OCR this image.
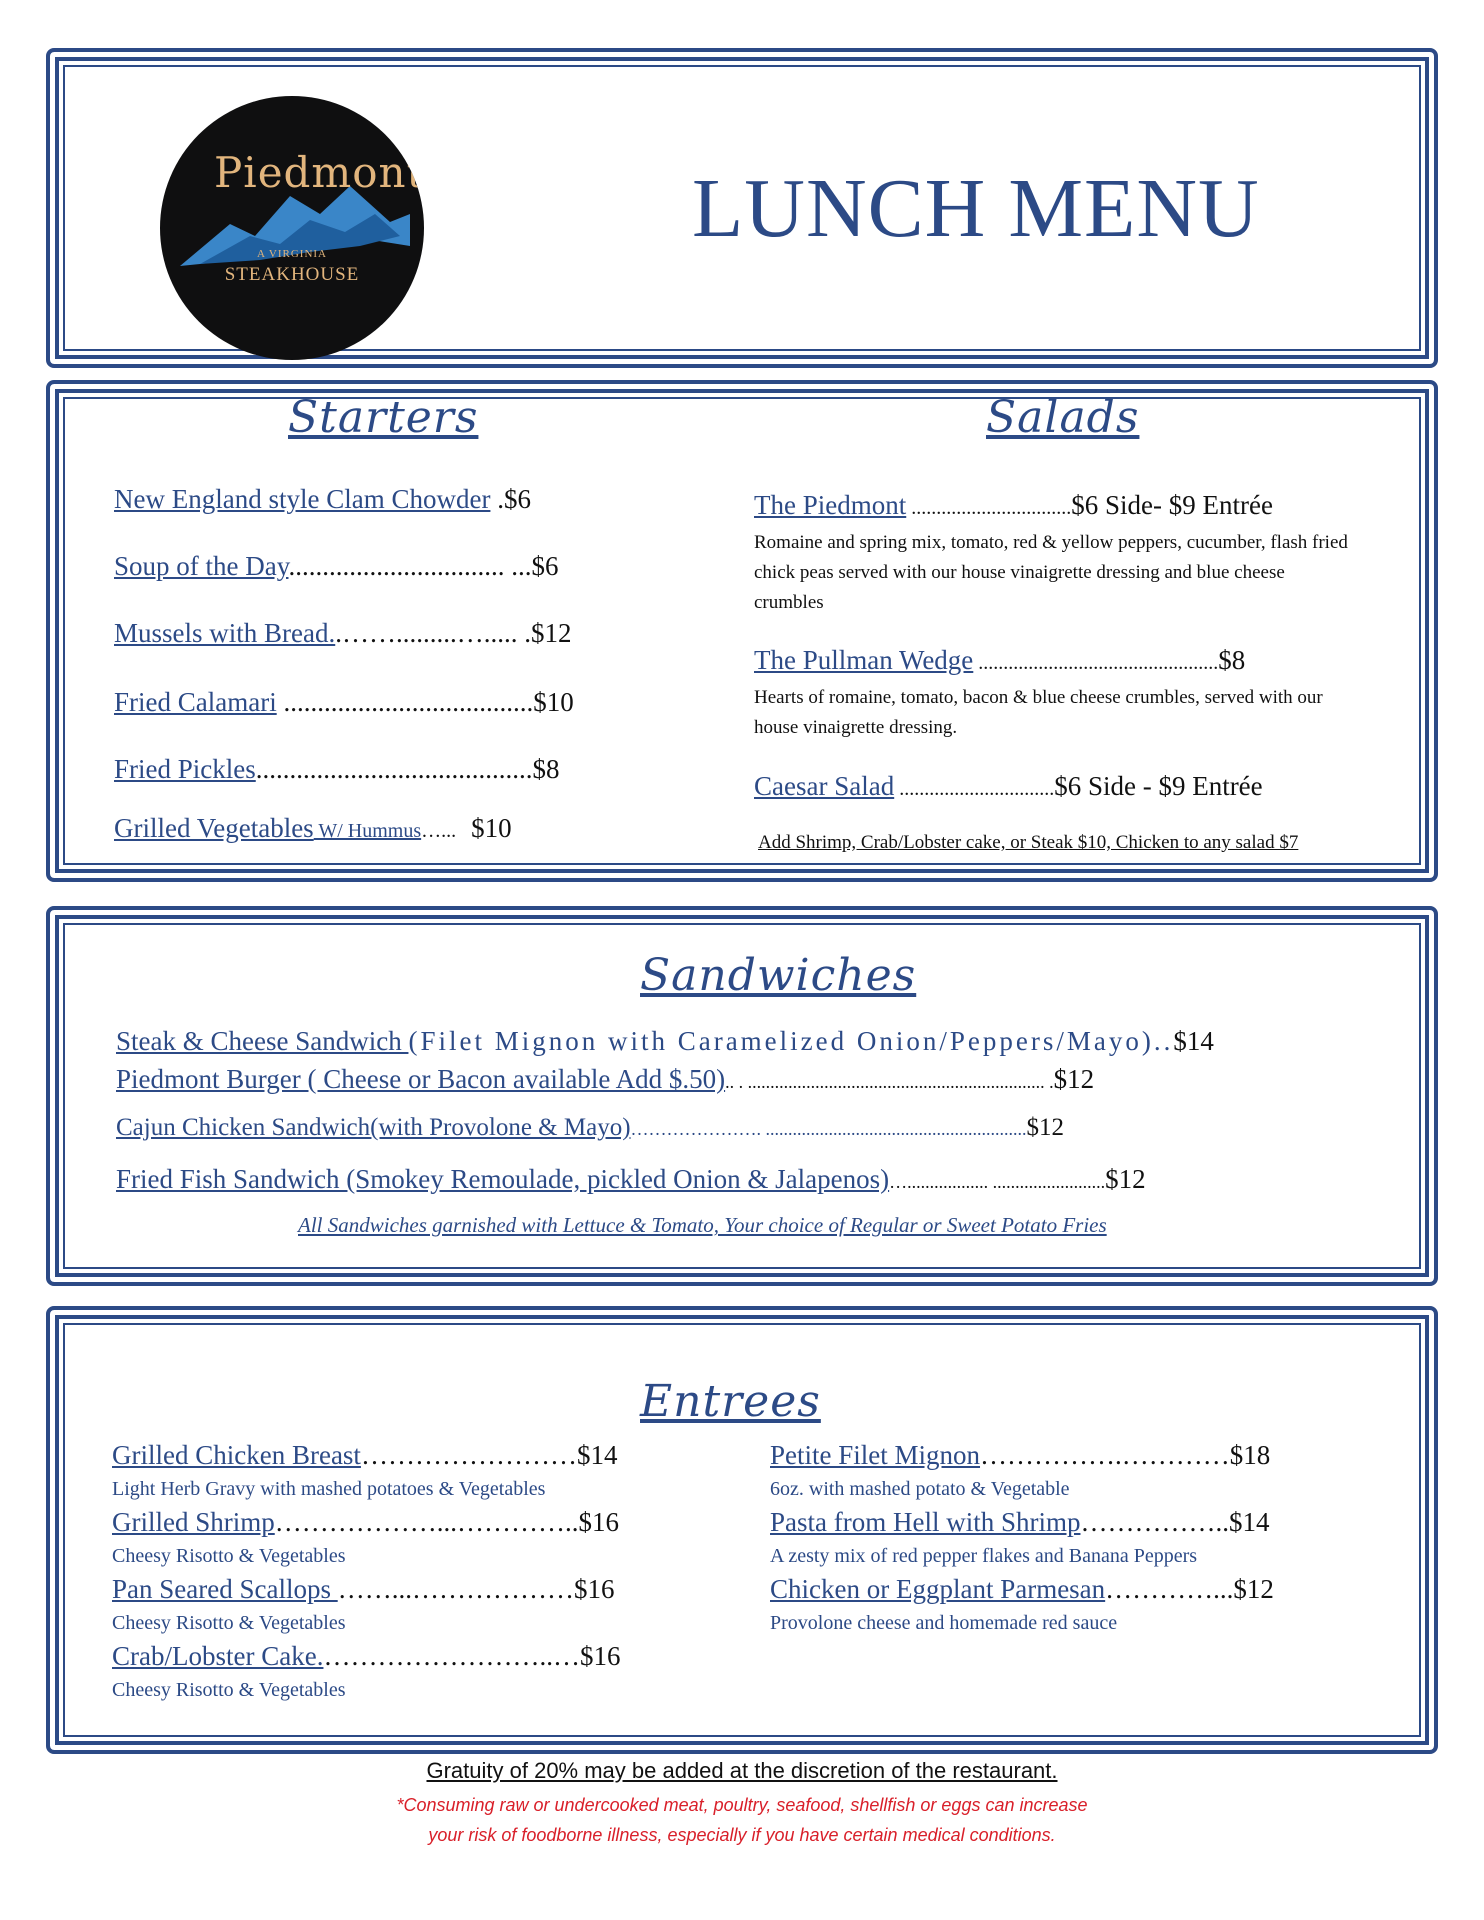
Piedmont
A VIRGINIA
STEAKHOUSE
LUNCH MENU
Starters	Salads
New England style Clam Chowder .$6
Soup of the Day................................ ...$6
Mussels with Bread..…….........…..... .$12
Fried Calamari .....................................$10
Fried Pickles.........................................$8
Grilled Vegetables W/ Hummus…...   $10
The Piedmont ................................$6 Side- $9 Entrée
Romaine and spring mix, tomato, red & yellow peppers, cucumber, flash fried chick peas served with our house vinaigrette dressing and blue cheese crumbles
The Pullman Wedge ................................................$8
Hearts of romaine, tomato, bacon & blue cheese crumbles, served with our house vinaigrette dressing.
Caesar Salad ...............................$6 Side - $9 Entrée
Add Shrimp, Crab/Lobster cake, or Steak $10, Chicken to any salad $7
Sandwiches
Steak & Cheese Sandwich (Filet Mignon with Caramelized Onion/Peppers/Mayo)..$14
Piedmont Burger ( Cheese or Bacon available Add $.50).. . .................................................................. .$12
Cajun Chicken Sandwich(with Provolone & Mayo)…………………. ..........................................................$12
Fried Fish Sandwich (Smokey Remoulade, pickled Onion & Jalapenos)….................. .........................$12
All Sandwiches garnished with Lettuce & Tomato, Your choice of Regular or Sweet Potato Fries
Entrees
Grilled Chicken Breast……………………$14
Light Herb Gravy with mashed potatoes & Vegetables
Grilled Shrimp………………...…………..$16
Cheesy Risotto & Vegetables
Pan Seared Scallops ……...………………$16
Cheesy Risotto & Vegetables
Crab/Lobster Cake.……………………..…$16
Cheesy Risotto & Vegetables
Petite Filet Mignon…………….…………$18
6oz. with mashed potato & Vegetable
Pasta from Hell with Shrimp……………..$14
A zesty mix of red pepper flakes and Banana Peppers
Chicken or Eggplant Parmesan…………...$12
Provolone cheese and homemade red sauce
Gratuity of 20% may be added at the discretion of the restaurant.
*Consuming raw or undercooked meat, poultry, seafood, shellfish or eggs can increase
your risk of foodborne illness, especially if you have certain medical conditions.
